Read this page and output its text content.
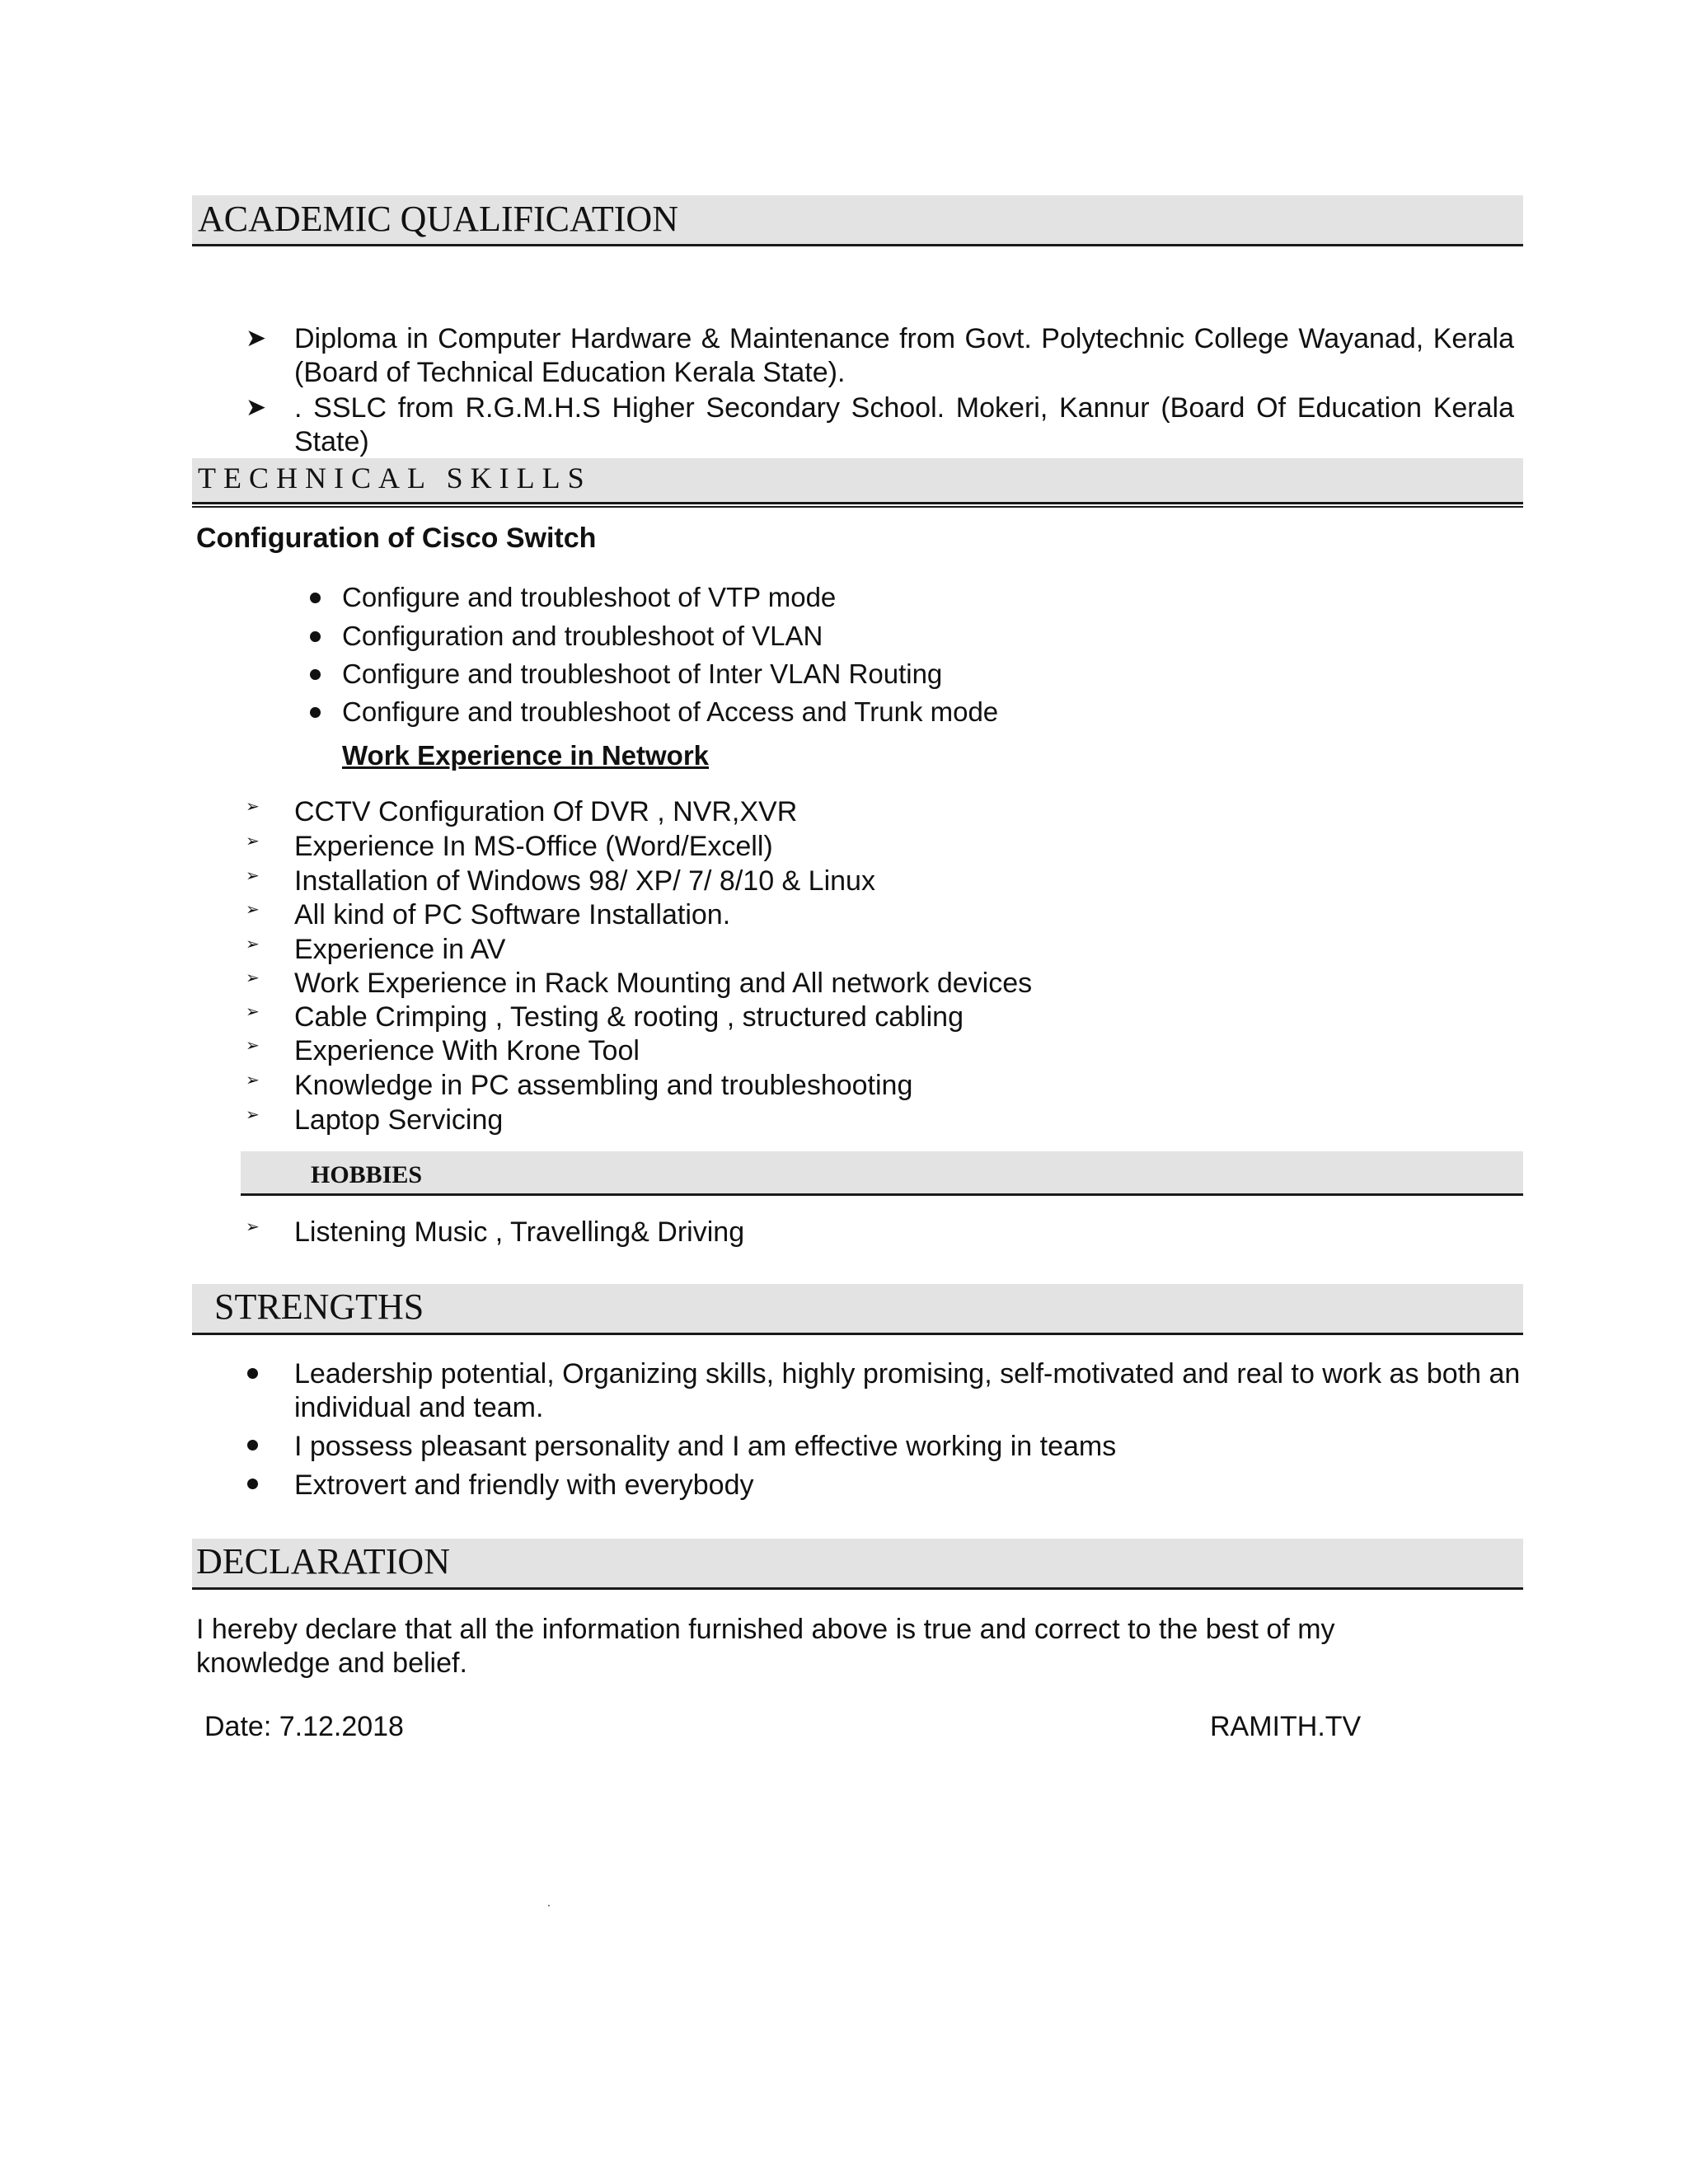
ACADEMIC QUALIFICATION
➤ Diploma in Computer Hardware & Maintenance from Govt. Polytechnic College Wayanad, Kerala (Board of Technical Education Kerala State).
➤ . SSLC from R.G.M.H.S Higher Secondary School. Mokeri, Kannur (Board Of Education Kerala State)
TECHNICAL SKILLS
Configuration of Cisco Switch
Configure and troubleshoot of VTP mode
Configuration and troubleshoot of VLAN
Configure and troubleshoot of Inter VLAN Routing
Configure and troubleshoot of Access and Trunk mode
Work Experience in Network
➢ CCTV Configuration Of DVR , NVR,XVR
➢ Experience In MS-Office (Word/Excell)
➢ Installation of Windows 98/ XP/ 7/ 8/10 & Linux
➢ All kind of PC Software Installation.
➢ Experience in AV
➢ Work Experience in Rack Mounting and All network devices
➢ Cable Crimping , Testing & rooting , structured cabling
➢ Experience With Krone Tool
➢ Knowledge in PC assembling and troubleshooting
➢ Laptop Servicing
HOBBIES
➢ Listening Music , Travelling& Driving
STRENGTHS
Leadership potential, Organizing skills, highly promising, self-motivated and real to work as both an individual and team.
I possess pleasant personality and I am effective working in teams
Extrovert and friendly with everybody
DECLARATION
I hereby declare that all the information furnished above is true and correct to the best of my knowledge and belief.
Date: 7.12.2018	RAMITH.TV
.
